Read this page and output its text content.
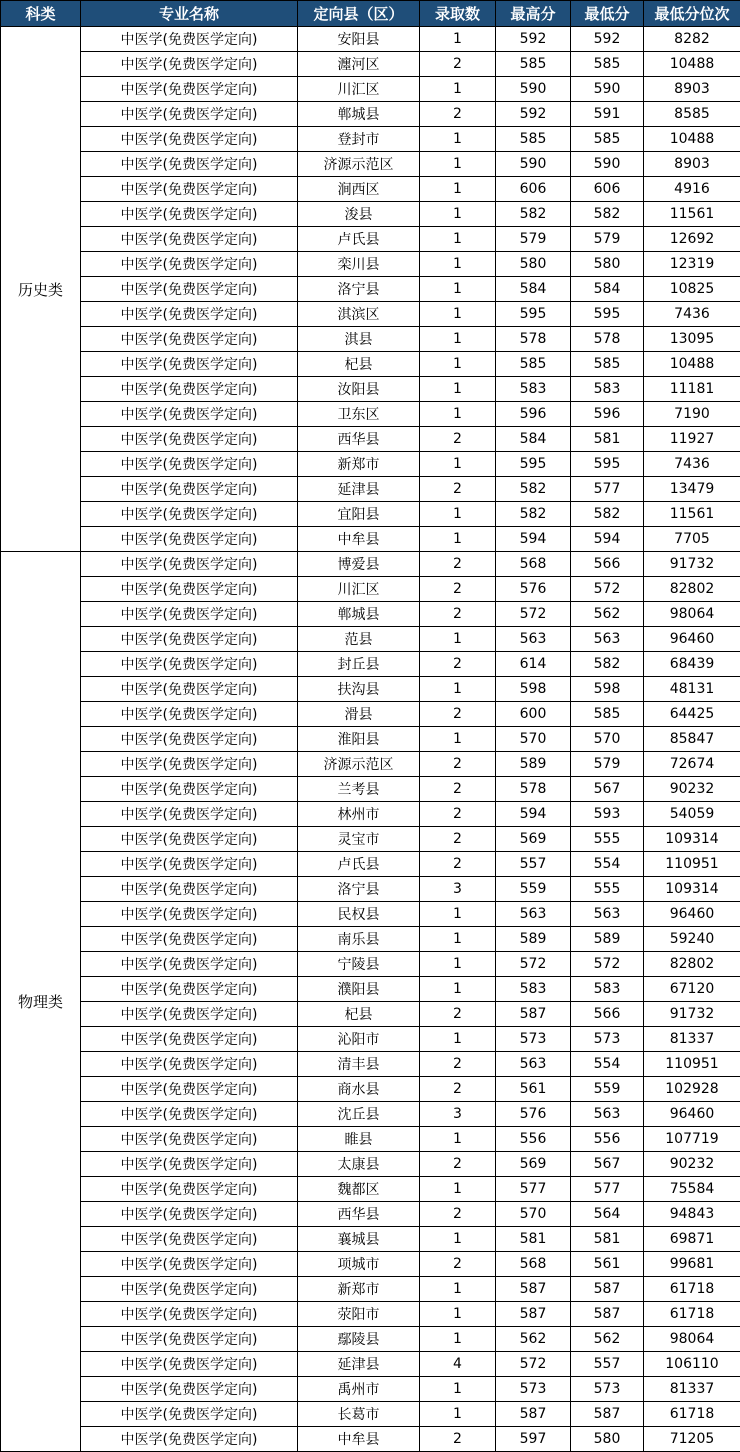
科类	专业名称	定向县（区）	录取数	最高分	最低分	最低分位次
历史类	中医学(免费医学定向)	安阳县	1	592	592	8282
	中医学(免费医学定向)	瀍河区	2	585	585	10488
	中医学(免费医学定向)	川汇区	1	590	590	8903
	中医学(免费医学定向)	郸城县	2	592	591	8585
	中医学(免费医学定向)	登封市	1	585	585	10488
	中医学(免费医学定向)	济源示范区	1	590	590	8903
	中医学(免费医学定向)	涧西区	1	606	606	4916
	中医学(免费医学定向)	浚县	1	582	582	11561
	中医学(免费医学定向)	卢氏县	1	579	579	12692
	中医学(免费医学定向)	栾川县	1	580	580	12319
	中医学(免费医学定向)	洛宁县	1	584	584	10825
	中医学(免费医学定向)	淇滨区	1	595	595	7436
	中医学(免费医学定向)	淇县	1	578	578	13095
	中医学(免费医学定向)	杞县	1	585	585	10488
	中医学(免费医学定向)	汝阳县	1	583	583	11181
	中医学(免费医学定向)	卫东区	1	596	596	7190
	中医学(免费医学定向)	西华县	2	584	581	11927
	中医学(免费医学定向)	新郑市	1	595	595	7436
	中医学(免费医学定向)	延津县	2	582	577	13479
	中医学(免费医学定向)	宜阳县	1	582	582	11561
	中医学(免费医学定向)	中牟县	1	594	594	7705
物理类	中医学(免费医学定向)	博爱县	2	568	566	91732
	中医学(免费医学定向)	川汇区	2	576	572	82802
	中医学(免费医学定向)	郸城县	2	572	562	98064
	中医学(免费医学定向)	范县	1	563	563	96460
	中医学(免费医学定向)	封丘县	2	614	582	68439
	中医学(免费医学定向)	扶沟县	1	598	598	48131
	中医学(免费医学定向)	滑县	2	600	585	64425
	中医学(免费医学定向)	淮阳县	1	570	570	85847
	中医学(免费医学定向)	济源示范区	2	589	579	72674
	中医学(免费医学定向)	兰考县	2	578	567	90232
	中医学(免费医学定向)	林州市	2	594	593	54059
	中医学(免费医学定向)	灵宝市	2	569	555	109314
	中医学(免费医学定向)	卢氏县	2	557	554	110951
	中医学(免费医学定向)	洛宁县	3	559	555	109314
	中医学(免费医学定向)	民权县	1	563	563	96460
	中医学(免费医学定向)	南乐县	1	589	589	59240
	中医学(免费医学定向)	宁陵县	1	572	572	82802
	中医学(免费医学定向)	濮阳县	1	583	583	67120
	中医学(免费医学定向)	杞县	2	587	566	91732
	中医学(免费医学定向)	沁阳市	1	573	573	81337
	中医学(免费医学定向)	清丰县	2	563	554	110951
	中医学(免费医学定向)	商水县	2	561	559	102928
	中医学(免费医学定向)	沈丘县	3	576	563	96460
	中医学(免费医学定向)	睢县	1	556	556	107719
	中医学(免费医学定向)	太康县	2	569	567	90232
	中医学(免费医学定向)	魏都区	1	577	577	75584
	中医学(免费医学定向)	西华县	2	570	564	94843
	中医学(免费医学定向)	襄城县	1	581	581	69871
	中医学(免费医学定向)	项城市	2	568	561	99681
	中医学(免费医学定向)	新郑市	1	587	587	61718
	中医学(免费医学定向)	荥阳市	1	587	587	61718
	中医学(免费医学定向)	鄢陵县	1	562	562	98064
	中医学(免费医学定向)	延津县	4	572	557	106110
	中医学(免费医学定向)	禹州市	1	573	573	81337
	中医学(免费医学定向)	长葛市	1	587	587	61718
	中医学(免费医学定向)	中牟县	2	597	580	71205
